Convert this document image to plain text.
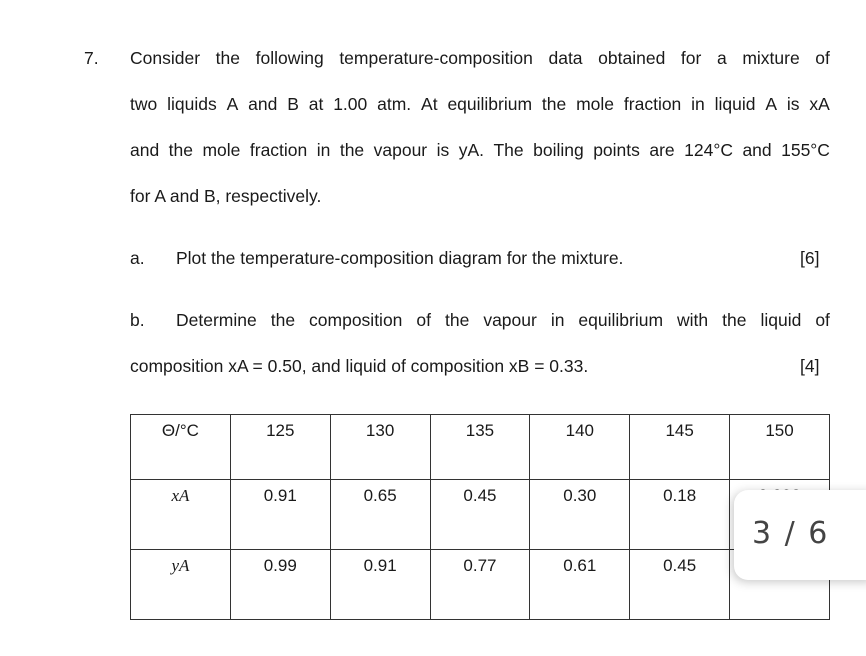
7. Consider the following temperature-composition data obtained for a mixture of
two liquids A and B at 1.00 atm. At equilibrium the mole fraction in liquid A is xA
and the mole fraction in the vapour is yA. The boiling points are 124°C and 155°C
for A and B, respectively.
a. Plot the temperature-composition diagram for the mixture.	[6]
b. Determine the composition of the vapour in equilibrium with the liquid of
composition xA = 0.50, and liquid of composition xB = 0.33.	[4]
Θ/°C	125	130	135	140	145	150
xA	0.91	0.65	0.45	0.30	0.18	
yA	0.99	0.91	0.77	0.61	0.45	
3 / 6
